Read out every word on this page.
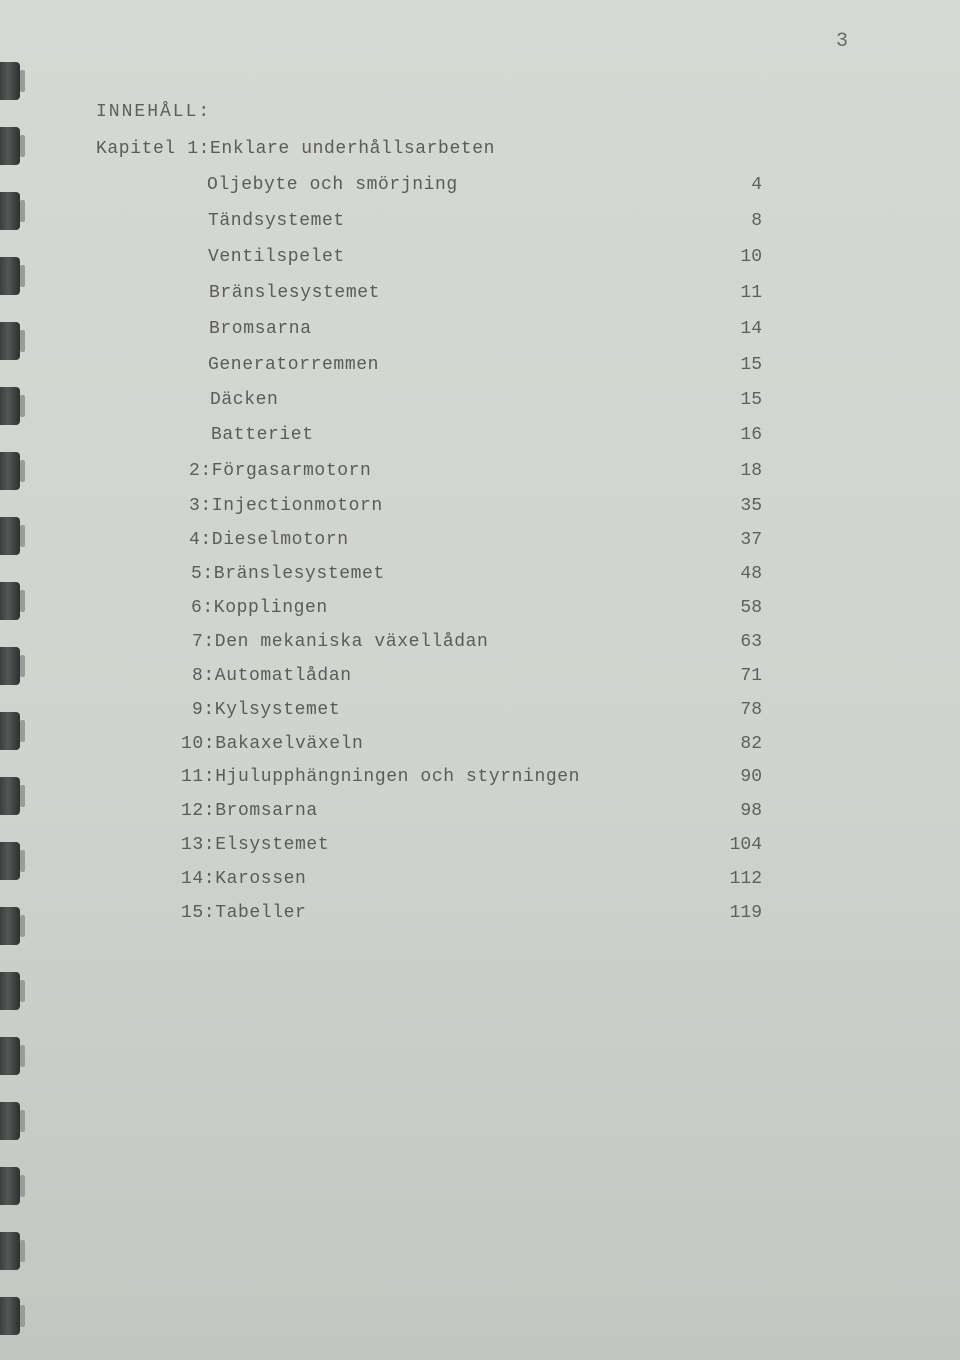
3
INNEHÅLL:
Kapitel 1:Enklare underhållsarbeten
Oljebyte och smörjning	4
Tändsystemet	8
Ventilspelet	10
Bränslesystemet	11
Bromsarna	14
Generatorremmen	15
Däcken	15
Batteriet	16
2:Förgasarmotorn	18
3:Injectionmotorn	35
4:Dieselmotorn	37
5:Bränslesystemet	48
6:Kopplingen	58
7:Den mekaniska växellådan	63
8:Automatlådan	71
9:Kylsystemet	78
10:Bakaxelväxeln	82
11:Hjulupphängningen och styrningen	90
12:Bromsarna	98
13:Elsystemet	104
14:Karossen	112
15:Tabeller	119
